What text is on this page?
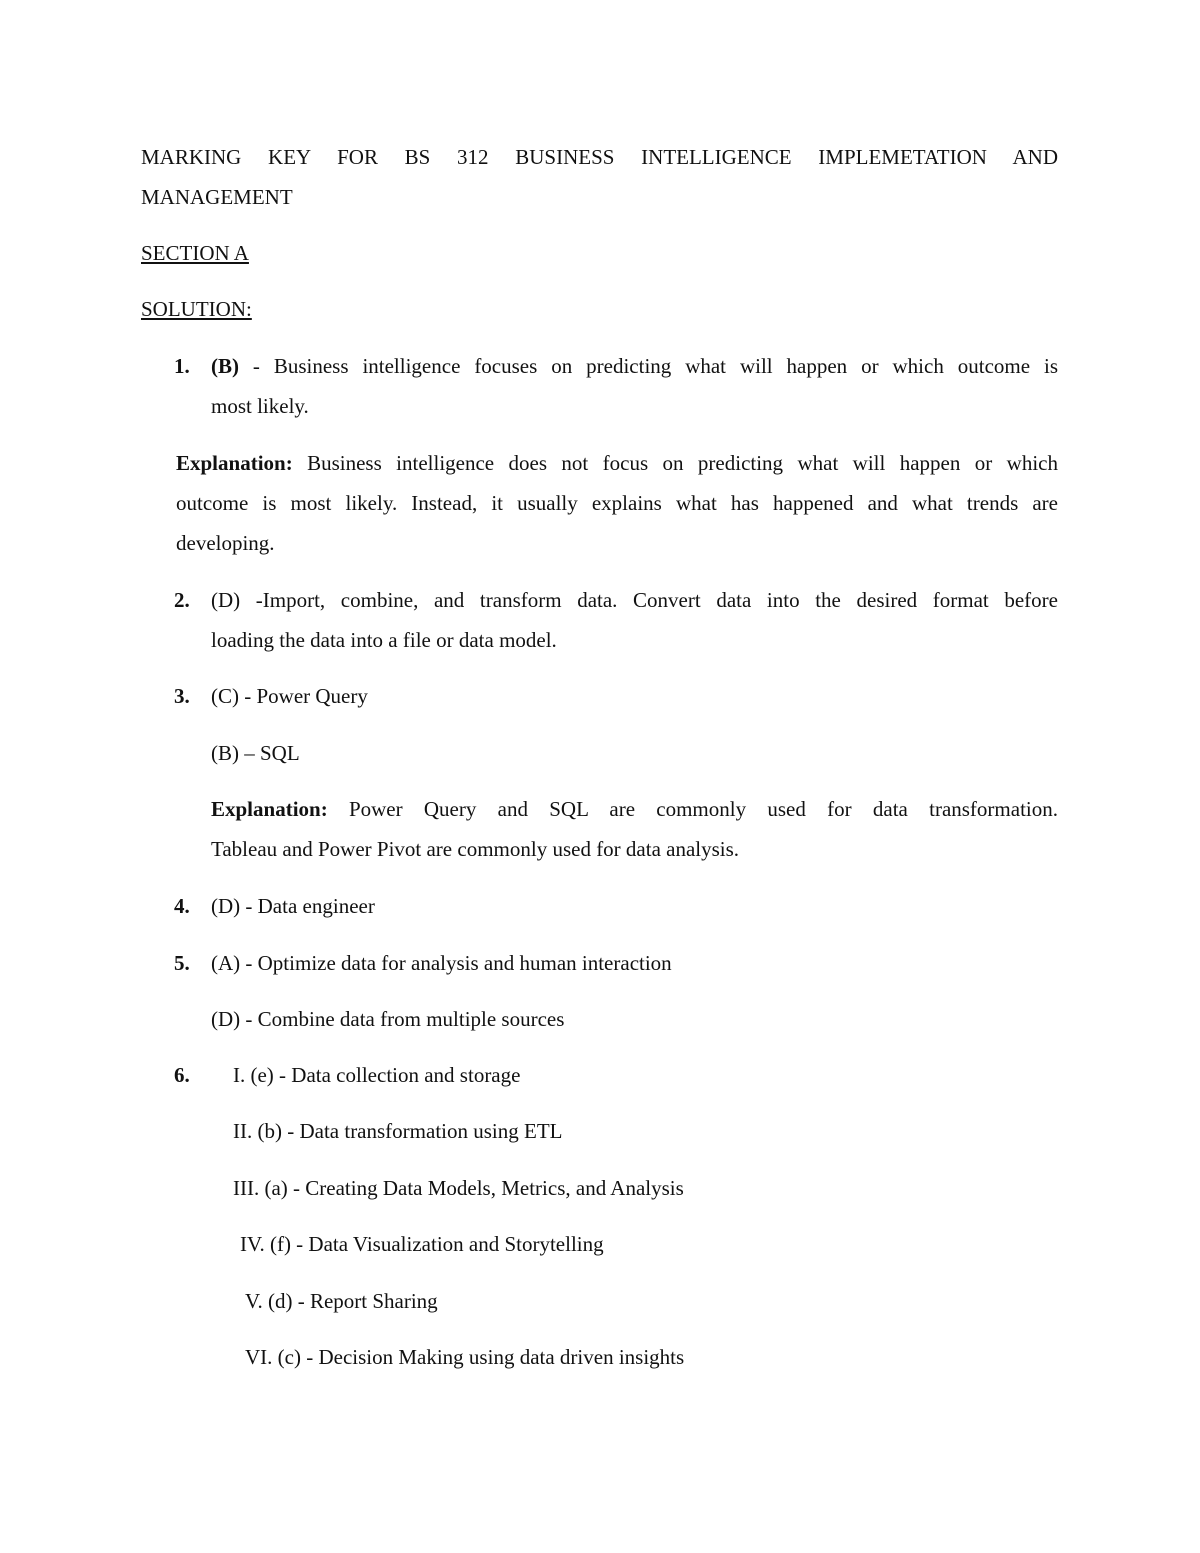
MARKING KEY FOR BS 312 BUSINESS INTELLIGENCE IMPLEMETATION AND
MANAGEMENT
SECTION A
SOLUTION:
1. (B) - Business intelligence focuses on predicting what will happen or which outcome is
most likely.
Explanation: Business intelligence does not focus on predicting what will happen or which
outcome is most likely. Instead, it usually explains what has happened and what trends are
developing.
2. (D) -Import, combine, and transform data. Convert data into the desired format before
loading the data into a file or data model.
3. (C) - Power Query
(B) – SQL
Explanation: Power Query and SQL are commonly used for data transformation.
Tableau and Power Pivot are commonly used for data analysis.
4. (D) - Data engineer
5. (A) - Optimize data for analysis and human interaction
(D) - Combine data from multiple sources
6. I. (e) - Data collection and storage
II. (b) - Data transformation using ETL
III. (a) - Creating Data Models, Metrics, and Analysis
IV. (f) - Data Visualization and Storytelling
V. (d) - Report Sharing
VI. (c) - Decision Making using data driven insights
